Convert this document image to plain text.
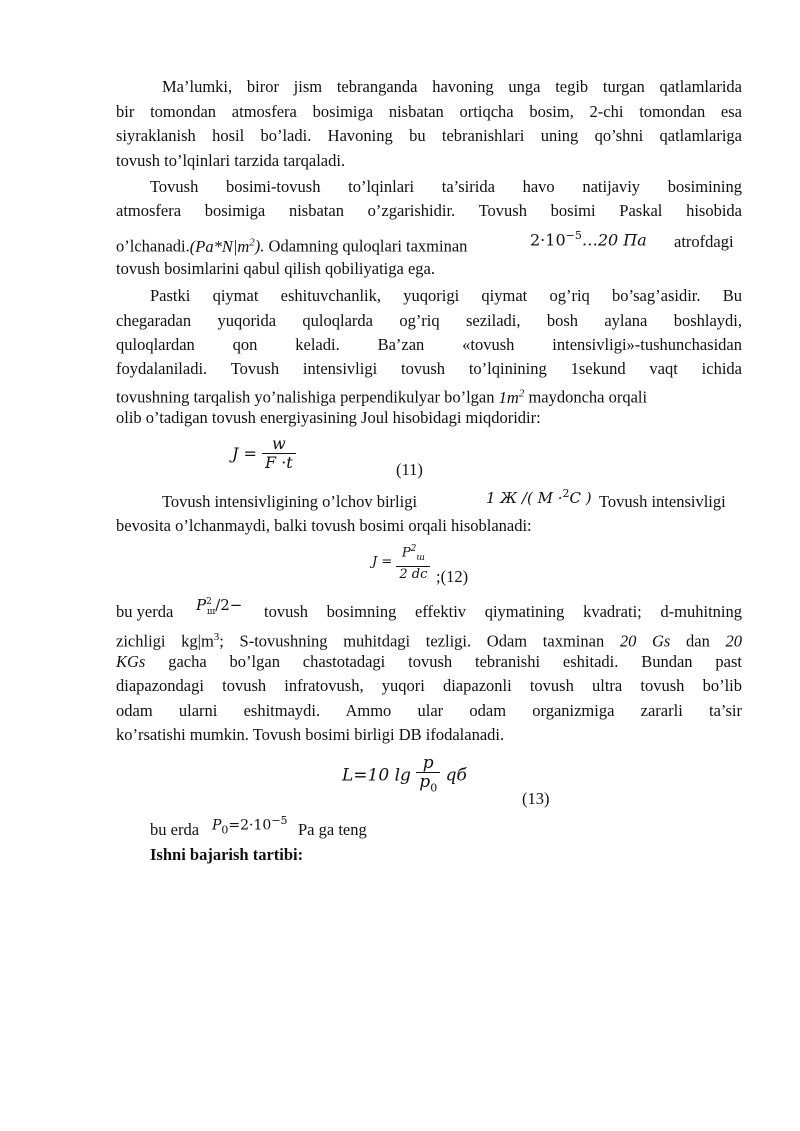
Ma’lumki, biror jism tebranganda havoning unga tegib turgan qatlamlarida
bir tomondan atmosfera bosimiga nisbatan ortiqcha bosim, 2-chi tomondan esa
siyraklanish hosil bo’ladi. Havoning bu tebranishlari uning qo’shni qatlamlariga
tovush to’lqinlari tarzida tarqaladi.
Tovush bosimi-tovush to’lqinlari ta’sirida havo natijaviy bosimining
atmosfera bosimiga nisbatan o’zgarishidir. Tovush bosimi Paskal hisobida
$o’lchanadi.(Pa*N|m^2)$. Odamning quloqlari taxminan	$2\cdot 10^{-5}\dots 20$ Па atrofdagi
tovush bosimlarini qabul qilish qobiliyatiga ega.
Pastki qiymat eshituvchanlik, yuqorigi qiymat og’riq bo’sag’asidir. Bu
chegaradan yuqorida quloqlarda og’riq seziladi, bosh aylana boshlaydi,
quloqlardan qon keladi. Ba’zan «tovush intensivligi»-tushunchasidan
foydalaniladi. Tovush intensivligi tovush to’lqinining 1sekund vaqt ichida
tovushning tarqalish yo’nalishiga perpendikulyar bo’lgan $1m^2$ maydoncha orqali
olib o’tadigan tovush energiyasining Joul hisobidagi miqdoridir:
$J = \frac{w}{F \cdot t}$	(11)
Tovush intensivligining o’lchov birligi	1 Ж /( М ·$^2$С ) Tovush intensivligi
bevosita o’lchanmaydi, balki tovush bosimi orqali hisoblanadi:
$J = \frac{P^2_ш}{2 dc}$ ;(12)
bu yerda $P^2_ш/2-$ tovush bosimning effektiv qiymatining kvadrati; d-muhitning
zichligi $kg|m^3$; S-tovushning muhitdagi tezligi. Odam taxminan 20 Gs dan 20
KGs gacha bo’lgan chastotadagi tovush tebranishi eshitadi. Bundan past
diapazondagi tovush infratovush, yuqori diapazonli tovush ultra tovush bo’lib
odam ularni eshitmaydi. Ammo ular odam organizmiga zararli ta’sir
ko’rsatishi mumkin. Tovush bosimi birligi DB ifodalanadi.
L=10 $\lg \frac{p}{p_0}$ qб
(13)
bu erda $P_0=2\cdot 10^{-5}$ Pa ga teng
Ishni bajarish tartibi:
